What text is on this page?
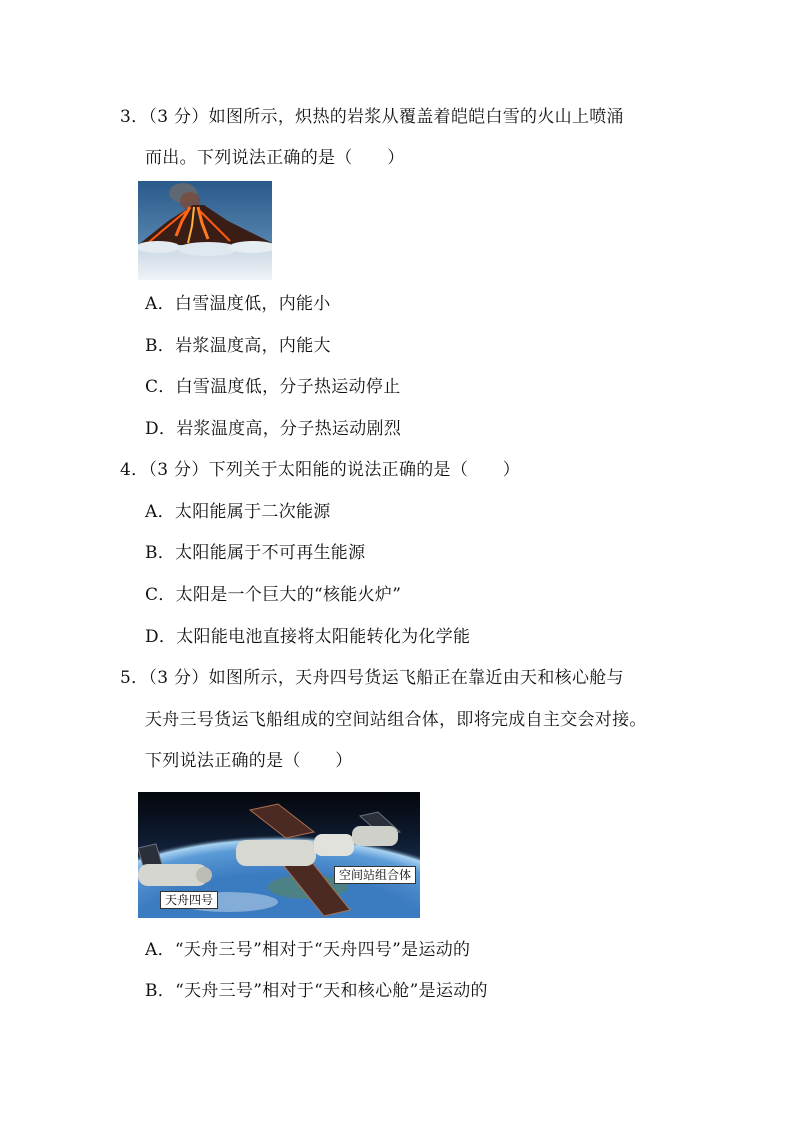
3．（3 分）如图所示，炽热的岩浆从覆盖着皑皑白雪的火山上喷涌
而出。下列说法正确的是（　　）
A．白雪温度低，内能小
B．岩浆温度高，内能大
C．白雪温度低，分子热运动停止
D．岩浆温度高，分子热运动剧烈
4．（3 分）下列关于太阳能的说法正确的是（　　）
A．太阳能属于二次能源
B．太阳能属于不可再生能源
C．太阳是一个巨大的“核能火炉”
D．太阳能电池直接将太阳能转化为化学能
5．（3 分）如图所示，天舟四号货运飞船正在靠近由天和核心舱与
天舟三号货运飞船组成的空间站组合体，即将完成自主交会对接。
下列说法正确的是（　　）
天舟四号
空间站组合体
A．“天舟三号”相对于“天舟四号”是运动的
B．“天舟三号”相对于“天和核心舱”是运动的
